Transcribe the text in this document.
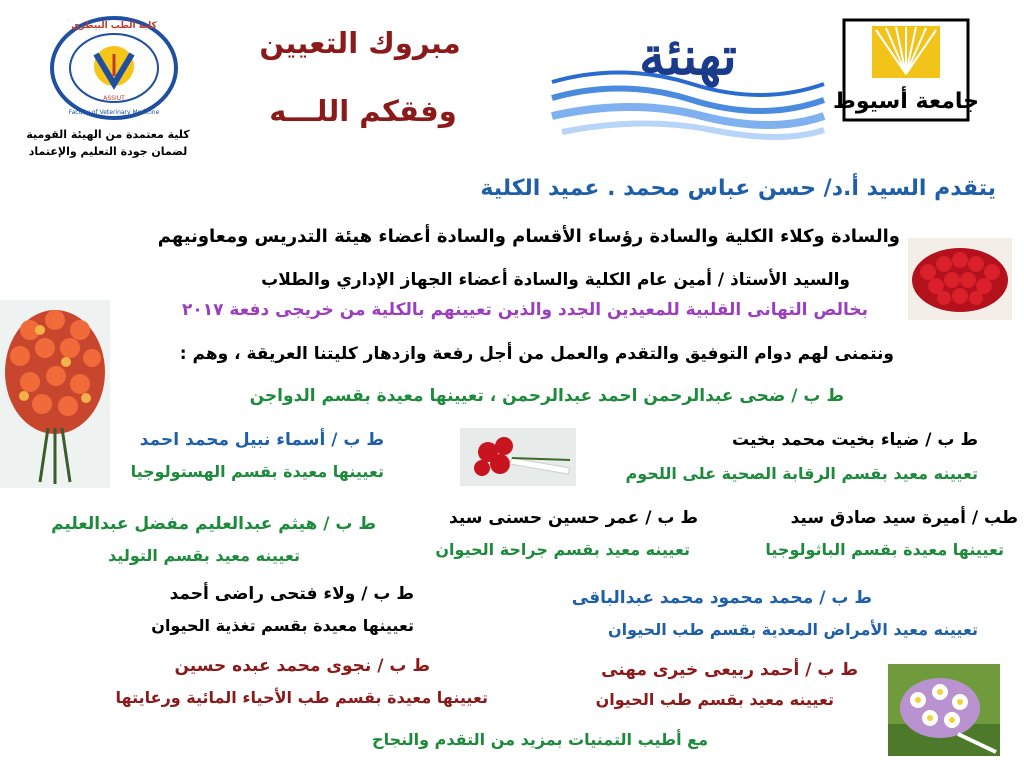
كلية الطب البيطري
Faculty of Veterinary Medicine
ASSIUT
كلية معتمدة من الهيئة القومية
لضمان جودة التعليم والإعتماد
مبروك التعيين
وفقكم اللـــه
تهنئة
جامعة أسيوط
يتقدم السيد أ.د/ حسن عباس محمد . عميد الكلية
والسادة وكلاء الكلية والسادة رؤساء الأقسام والسادة أعضاء هيئة التدريس ومعاونيهم
والسيد الأستاذ / أمين عام الكلية والسادة أعضاء الجهاز الإداري والطلاب
بخالص التهانى القلبية للمعيدين الجدد والذين تعيينهم بالكلية من خريجى دفعة ٢٠١٧
ونتمنى لهم دوام التوفيق والتقدم والعمل من أجل رفعة وازدهار كليتنا العريقة ، وهم :
ط ب / ضحى عبدالرحمن احمد عبدالرحمن ، تعيينها معيدة بقسم الدواجن
ط ب / ضياء بخيت محمد بخيت
تعيينه معيد بقسم الرقابة الصحية على اللحوم
ط ب / أسماء نبيل محمد احمد
تعيينها معيدة بقسم الهستولوجيا
طب / أميرة سيد صادق سيد
تعيينها معيدة بقسم الباثولوجيا
ط ب / عمر حسين حسنى سيد
تعيينه معيد بقسم جراحة الحيوان
ط ب / هيثم عبدالعليم مفضل عبدالعليم
تعيينه معيد بقسم التوليد
ط ب / محمد محمود محمد عبدالباقى
تعيينه معيد الأمراض المعدية بقسم طب الحيوان
ط ب / ولاء فتحى راضى أحمد
تعيينها معيدة بقسم تغذية الحيوان
ط ب / أحمد ربيعى خيرى مهنى
تعيينه معيد بقسم طب الحيوان
ط ب / نجوى محمد عبده حسين
تعيينها معيدة بقسم طب الأحياء المائية ورعايتها
مع أطيب التمنيات بمزيد من التقدم والنجاح
